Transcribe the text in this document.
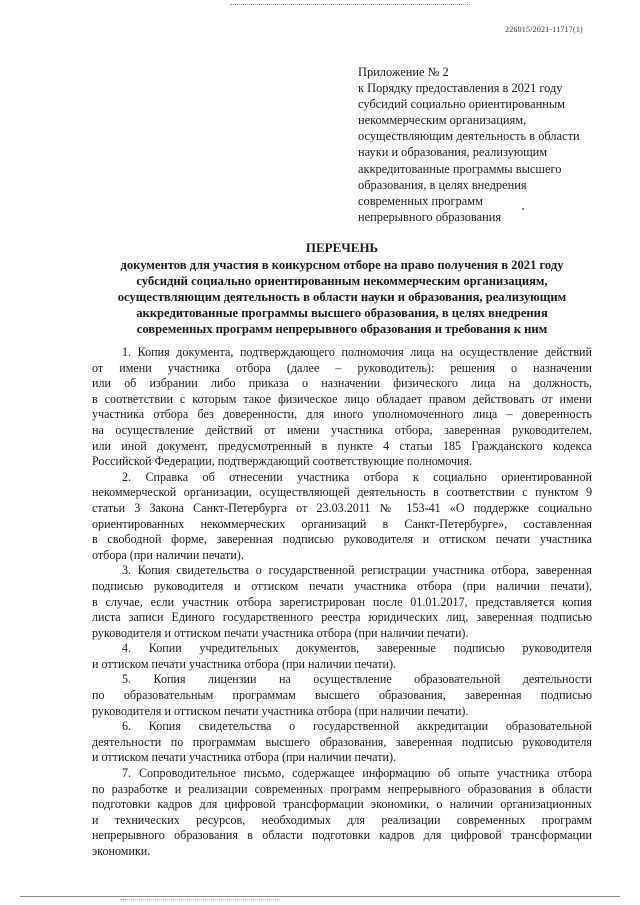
226015/2021-11717(1)
Приложение № 2
к Порядку предоставления в 2021 году
субсидий социально ориентированным
некоммерческим организациям,
осуществляющим деятельность в области
науки и образования, реализующим
аккредитованные программы высшего
образования, в целях внедрения
современных программ
непрерывного образования
ПЕРЕЧЕНЬ
документов для участия в конкурсном отборе на право получения в 2021 году
субсидий социально ориентированным некоммерческим организациям,
осуществляющим деятельность в области науки и образования, реализующим
аккредитованные программы высшего образования, в целях внедрения
современных программ непрерывного образования и требования к ним
1. Копия документа, подтверждающего полномочия лица на осуществление действий
от имени участника отбора (далее – руководитель): решения о назначении
или об избрании либо приказа о назначении физического лица на должность,
в соответствии с которым такое физическое лицо обладает правом действовать от имени
участника отбора без доверенности, для иного уполномоченного лица – доверенность
на осуществление действий от имени участника отбора, заверенная руководителем,
или иной документ, предусмотренный в пункте 4 статьи 185 Гражданского кодекса
Российской Федерации, подтверждающий соответствующие полномочия.
2. Справка об отнесении участника отбора к социально ориентированной
некоммерческой организации, осуществляющей деятельность в соответствии с пунктом 9
статьи 3 Закона Санкт-Петербурга от 23.03.2011 № 153-41 «О поддержке социально
ориентированных некоммерческих организаций в Санкт-Петербурге», составленная
в свободной форме, заверенная подписью руководителя и оттиском печати участника
отбора (при наличии печати).
3. Копия свидетельства о государственной регистрации участника отбора, заверенная
подписью руководителя и оттиском печати участника отбора (при наличии печати),
в случае, если участник отбора зарегистрирован после 01.01.2017, представляется копия
листа записи Единого государственного реестра юридических лиц, заверенная подписью
руководителя и оттиском печати участника отбора (при наличии печати).
4. Копии учредительных документов, заверенные подписью руководителя
и оттиском печати участника отбора (при наличии печати).
5. Копия лицензии на осуществление образовательной деятельности
по образовательным программам высшего образования, заверенная подписью
руководителя и оттиском печати участника отбора (при наличии печати).
6. Копия свидетельства о государственной аккредитации образовательной
деятельности по программам высшего образования, заверенная подписью руководителя
и оттиском печати участника отбора (при наличии печати).
7. Сопроводительное письмо, содержащее информацию об опыте участника отбора
по разработке и реализации современных программ непрерывного образования в области
подготовки кадров для цифровой трансформации экономики, о наличии организационных
и технических ресурсов, необходимых для реализации современных программ
непрерывного образования в области подготовки кадров для цифровой трансформации
экономики.
